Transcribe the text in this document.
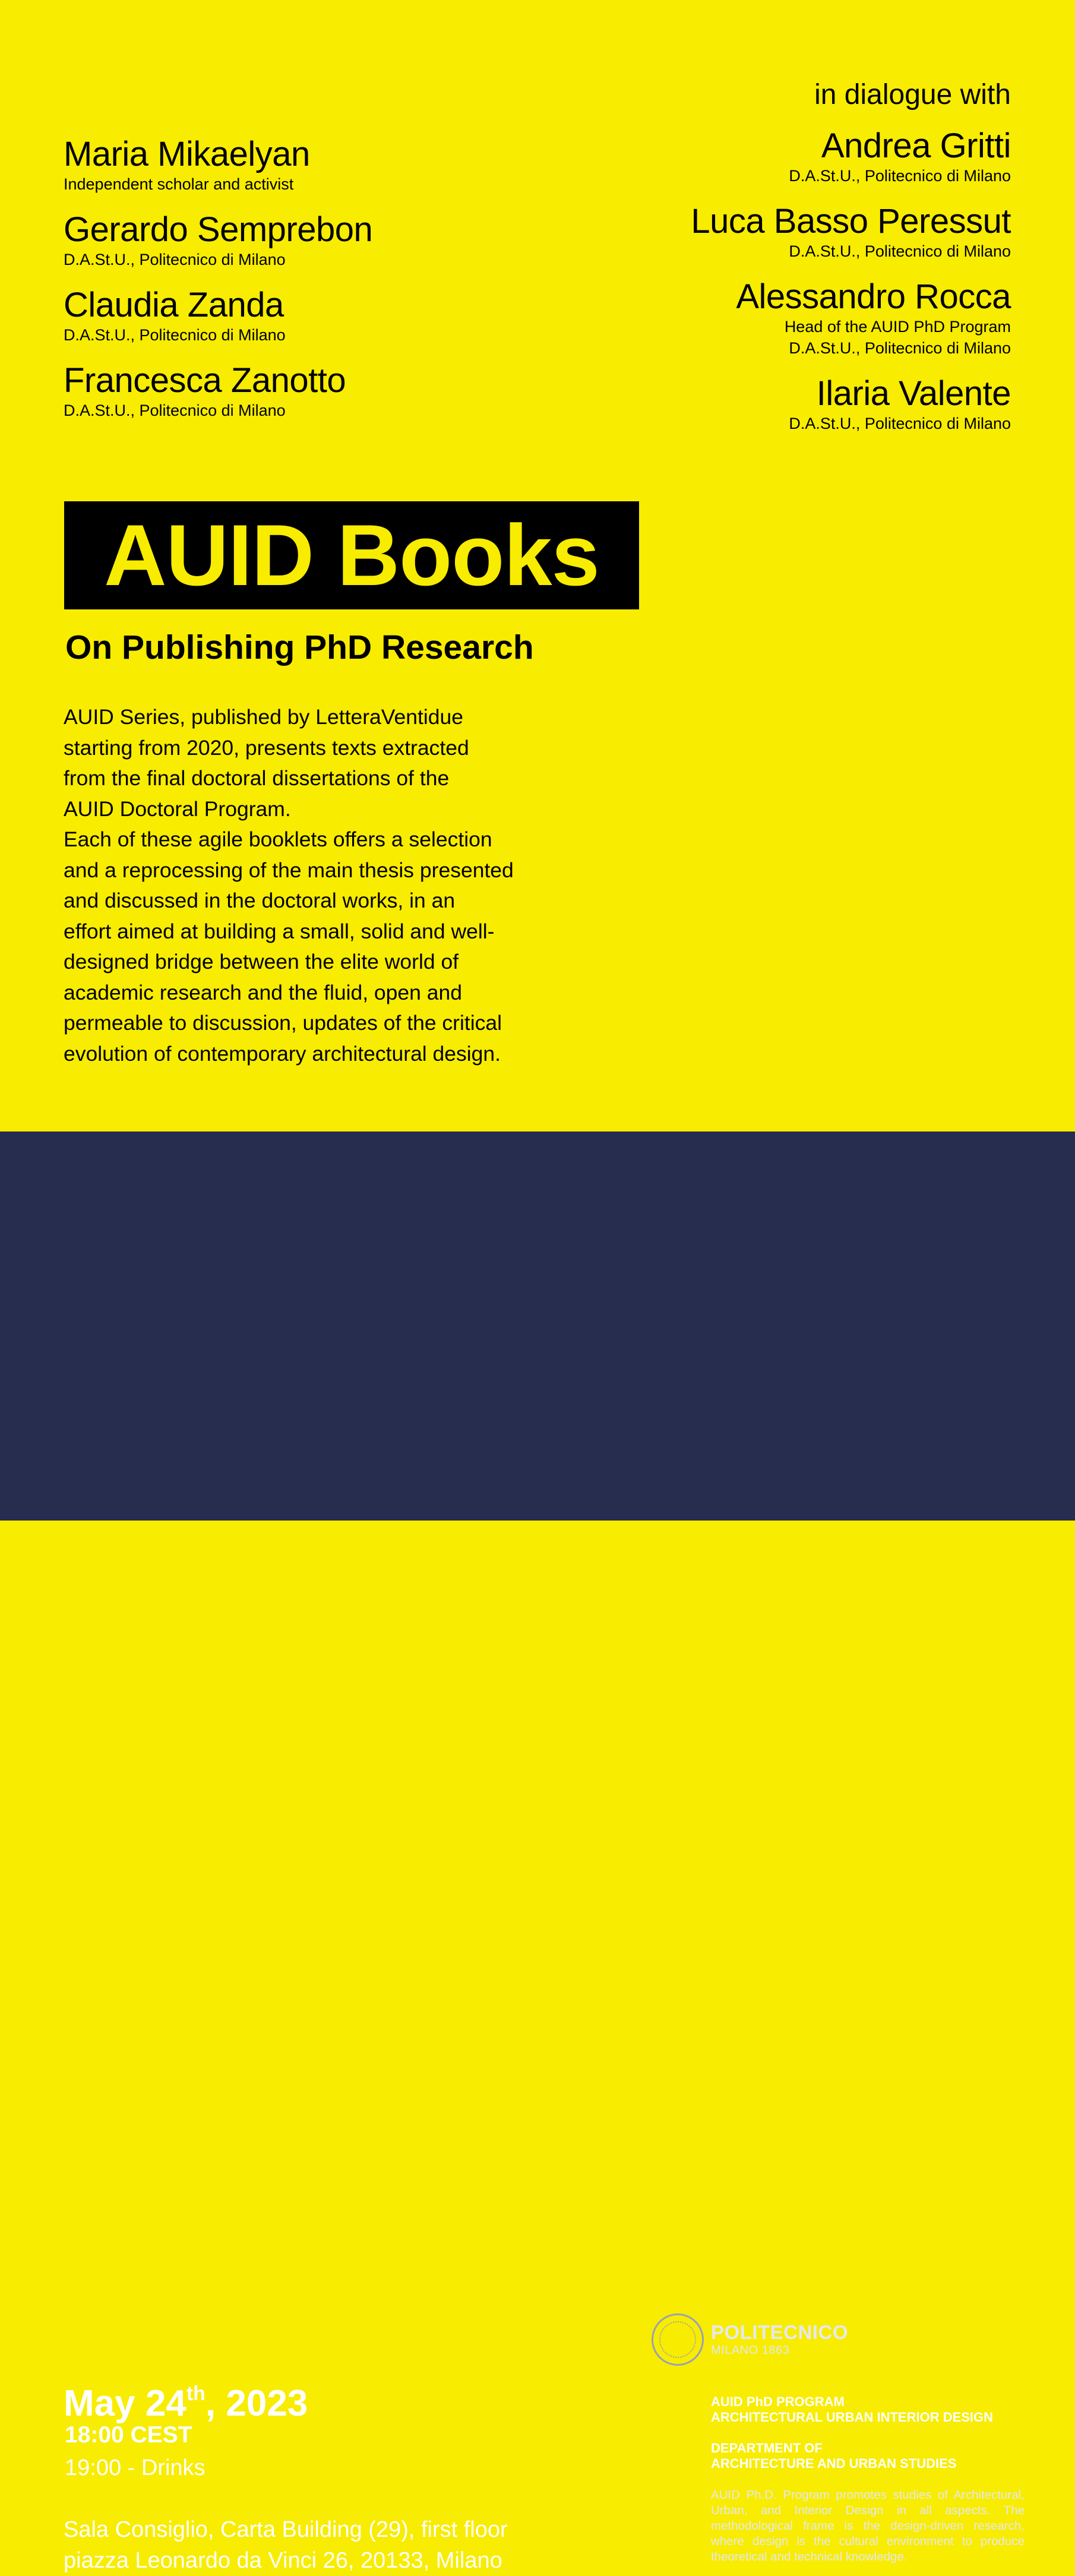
Maria Mikaelyan
Independent scholar and activist
Gerardo Semprebon
D.A.St.U., Politecnico di Milano
Claudia Zanda
D.A.St.U., Politecnico di Milano
Francesca Zanotto
D.A.St.U., Politecnico di Milano
in dialogue with
Andrea Gritti
D.A.St.U., Politecnico di Milano
Luca Basso Peressut
D.A.St.U., Politecnico di Milano
Alessandro Rocca
Head of the AUID PhD Program
D.A.St.U., Politecnico di Milano
Ilaria Valente
D.A.St.U., Politecnico di Milano
AUID Books
On Publishing PhD Research

AUID Series, published by LetteraVentidue

starting from 2020, presents texts extracted

from the final doctoral dissertations of the

AUID Doctoral Program.

Each of these agile booklets offers a selection

and a reprocessing of the main thesis presented

and discussed in the doctoral works, in an

effort aimed at building a small, solid and well-

designed bridge between the elite world of

academic research and the fluid, open and

permeable to discussion, updates of the critical

evolution of contemporary architectural design.

Info: www.auid.polimi.it; auid-phd@polimi.it
May 24th, 2023
18:00 CEST
19:00 - Drinks
Sala Consiglio, Carta Building (29), first floor
piazza Leonardo da Vinci 26, 20133, Milano
POLITECNICO
MILANO 1863
AUID PhD PROGRAM
ARCHITECTURAL URBAN INTERIOR DESIGN
DEPARTMENT OF
ARCHITECTURE AND URBAN STUDIES
AUID Ph.D. Program promotes studies of Architectural, Urban, and Interior Design in all aspects. The methodological frame is the design-driven research, where design is the cultural environment to produce theoretical and technical knowledge.
